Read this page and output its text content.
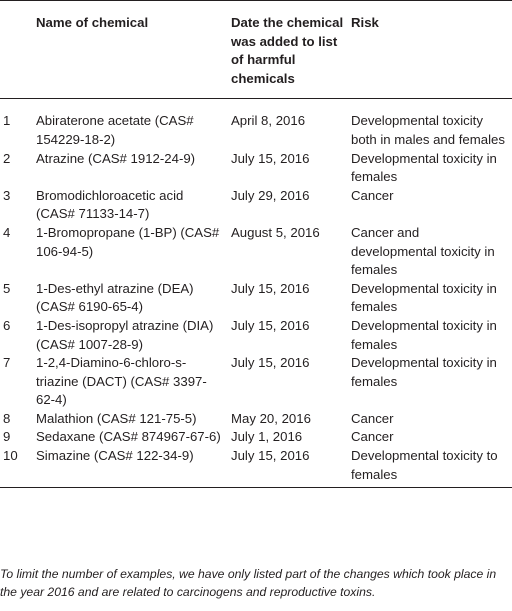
	Name of chemical	Date the chemical was added to list of harmful chemicals	Risk

1	Abiraterone acetate (CAS# 154229-18-2)	April 8, 2016	Developmental toxicity both in males and females

2	Atrazine (CAS# 1912-24-9)	July 15, 2016	Developmental toxicity in females

3	Bromodichloroacetic acid (CAS# 71133-14-7)	July 29, 2016	Cancer

4	1-Bromopropane (1-BP) (CAS# 106-94-5)	August 5, 2016	Cancer and developmental toxicity in females

5	1-Des-ethyl atrazine (DEA) (CAS# 6190-65-4)	July 15, 2016	Developmental toxicity in females

6	1-Des-isopropyl atrazine (DIA) (CAS# 1007-28-9)	July 15, 2016	Developmental toxicity in females

7	1-2,4-Diamino-6-chloro-s-triazine (DACT) (CAS# 3397-62-4)	July 15, 2016	Developmental toxicity in females

8	Malathion (CAS# 121-75-5)	May 20, 2016	Cancer

9	Sedaxane (CAS# 874967-67-6)	July 1, 2016	Cancer

10	Simazine (CAS# 122-34-9)	July 15, 2016	Developmental toxicity to females
To limit the number of examples, we have only listed part of the changes which took place in the year 2016 and are related to carcinogens and reproductive toxins.
